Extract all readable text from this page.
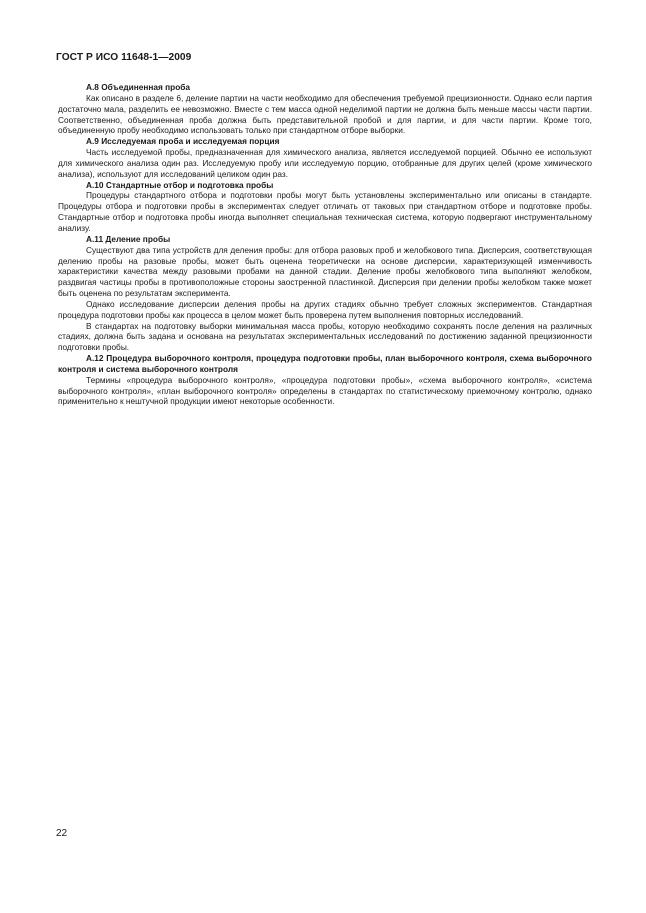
ГОСТ Р ИСО 11648-1—2009

А.8 Объединенная проба

Как описано в разделе 6, деление партии на части необходимо для обеспечения требуемой прецизионности. Однако если партия достаточно мала, разделить ее невозможно. Вместе с тем масса одной неделимой партии не должна быть меньше массы части партии. Соответственно, объединенная проба должна быть представительной пробой и для партии, и для части партии. Кроме того, объединенную пробу необходимо использовать только при стандартном отборе выборки.

А.9 Исследуемая проба и исследуемая порция

Часть исследуемой пробы, предназначенная для химического анализа, является исследуемой порцией. Обычно ее используют для химического анализа один раз. Исследуемую пробу или исследуемую порцию, отобранные для других целей (кроме химического анализа), используют для исследований целиком один раз.

А.10 Стандартные отбор и подготовка пробы

Процедуры стандартного отбора и подготовки пробы могут быть установлены экспериментально или описаны в стандарте. Процедуры отбора и подготовки пробы в экспериментах следует отличать от таковых при стандартном отборе и подготовке пробы. Стандартные отбор и подготовка пробы иногда выполняет специальная техническая система, которую подвергают инструментальному анализу.

А.11 Деление пробы

Существуют два типа устройств для деления пробы: для отбора разовых проб и желобкового типа. Дисперсия, соответствующая делению пробы на разовые пробы, может быть оценена теоретически на основе дисперсии, характеризующей изменчивость характеристики качества между разовыми пробами на данной стадии. Деление пробы желобкового типа выполняют желобком, раздвигая частицы пробы в противоположные стороны заостренной пластинкой. Дисперсия при делении пробы желобком также может быть оценена по результатам эксперимента.

Однако исследование дисперсии деления пробы на других стадиях обычно требует сложных экспериментов. Стандартная процедура подготовки пробы как процесса в целом может быть проверена путем выполнения повторных исследований.

В стандартах на подготовку выборки минимальная масса пробы, которую необходимо сохранять после деления на различных стадиях, должна быть задана и основана на результатах экспериментальных исследований по достижению заданной прецизионности подготовки пробы.

А.12 Процедура выборочного контроля, процедура подготовки пробы, план выборочного контроля, схема выборочного контроля и система выборочного контроля

Термины «процедура выборочного контроля», «процедура подготовки пробы», «схема выборочного контроля», «система выборочного контроля», «план выборочного контроля» определены в стандартах по статистическому приемочному контролю, однако применительно к нештучной продукции имеют некоторые особенности.

22
